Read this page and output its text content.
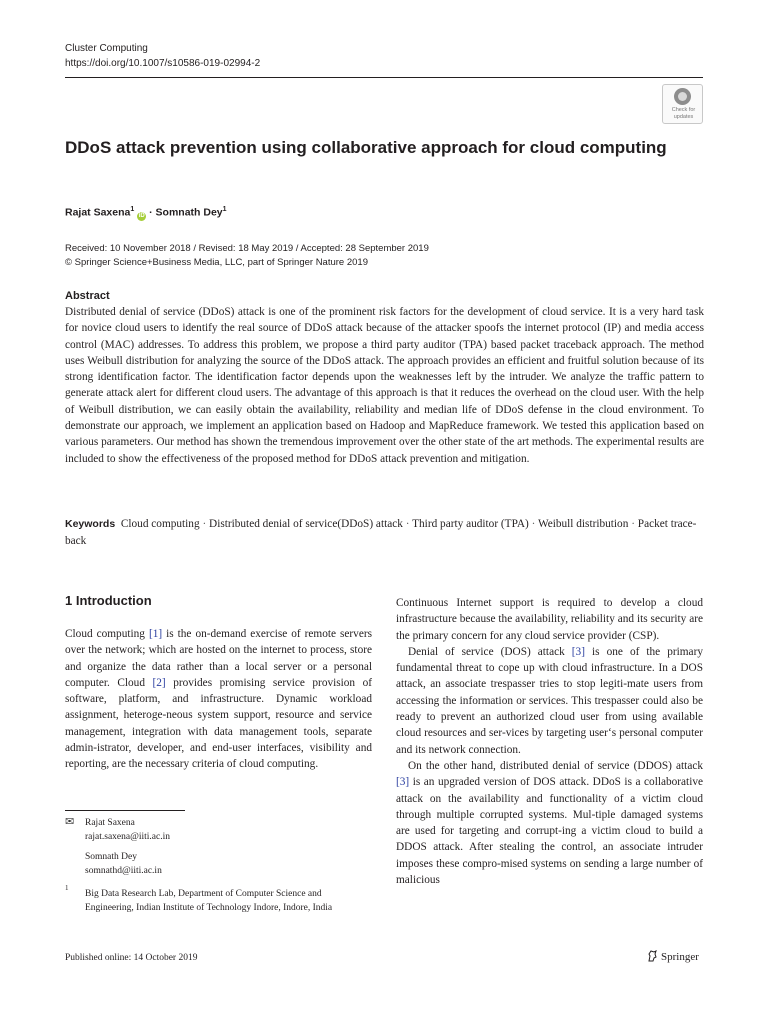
Cluster Computing
https://doi.org/10.1007/s10586-019-02994-2
Check for
updates
DDoS attack prevention using collaborative approach for cloud computing
Rajat Saxena$^1$ iD · Somnath Dey$^1$
Received: 10 November 2018 / Revised: 18 May 2019 / Accepted: 28 September 2019
© Springer Science+Business Media, LLC, part of Springer Nature 2019
Abstract
Distributed denial of service (DDoS) attack is one of the prominent risk factors for the development of cloud service. It is a very hard task for novice cloud users to identify the real source of DDoS attack because of the attacker spoofs the internet protocol (IP) and media access control (MAC) addresses. To address this problem, we propose a third party auditor (TPA) based packet traceback approach. The method uses Weibull distribution for analyzing the source of the DDoS attack. The approach provides an efficient and fruitful solution because of its strong identification factor. The identification factor depends upon the weaknesses left by the intruder. We analyze the traffic pattern to generate attack alert for different cloud users. The advantage of this approach is that it reduces the overhead on the cloud user. With the help of Weibull distribution, we can easily obtain the availability, reliability and median life of DDoS defense in the cloud environment. To demonstrate our approach, we implement an application based on Hadoop and MapReduce framework. We tested this application based on various parameters. Our method has shown the tremendous improvement over the other state of the art methods. The experimental results are included to show the effectiveness of the proposed method for DDoS attack prevention and mitigation.
Keywords Cloud computing · Distributed denial of service(DDoS) attack · Third party auditor (TPA) · Weibull distribution · Packet trace-back
1 Introduction

Cloud computing [1] is the on-demand exercise of remote servers over the network; which are hosted on the internet to process, store and organize the data rather than a local server or a personal computer. Cloud [2] provides promising service provision of software, platform, and infrastructure. Dynamic workload assignment, heteroge-neous system support, resource and service management, integration with data management tools, separate admin-istrator, developer, and end-user interfaces, visibility and reporting, are the necessary criteria of cloud computing.

Continuous Internet support is required to develop a cloud infrastructure because the availability, reliability and its security are the primary concern for any cloud service provider (CSP).

Denial of service (DOS) attack [3] is one of the primary fundamental threat to cope up with cloud infrastructure. In a DOS attack, an associate trespasser tries to stop legiti-mate users from accessing the information or services. This trespasser could also be ready to prevent an authorized cloud user from using available cloud resources and ser-vices by targeting user‘s personal computer and its network connection.

On the other hand, distributed denial of service (DDOS) attack [3] is an upgraded version of DOS attack. DDoS is a collaborative attack on the availability and functionality of a victim cloud through multiple corrupted systems. Mul-tiple damaged systems are used for targeting and corrupt-ing a victim cloud to build a DDOS attack. After stealing the control, an associate intruder imposes these compro-mised systems on sending a large number of malicious

✉ Rajat Saxena
rajat.saxena@iiti.ac.in
Somnath Dey
somnathd@iiti.ac.in
1
Big Data Research Lab, Department of Computer Science and Engineering, Indian Institute of Technology Indore, Indore, India
Published online: 14 October 2019	Springer
